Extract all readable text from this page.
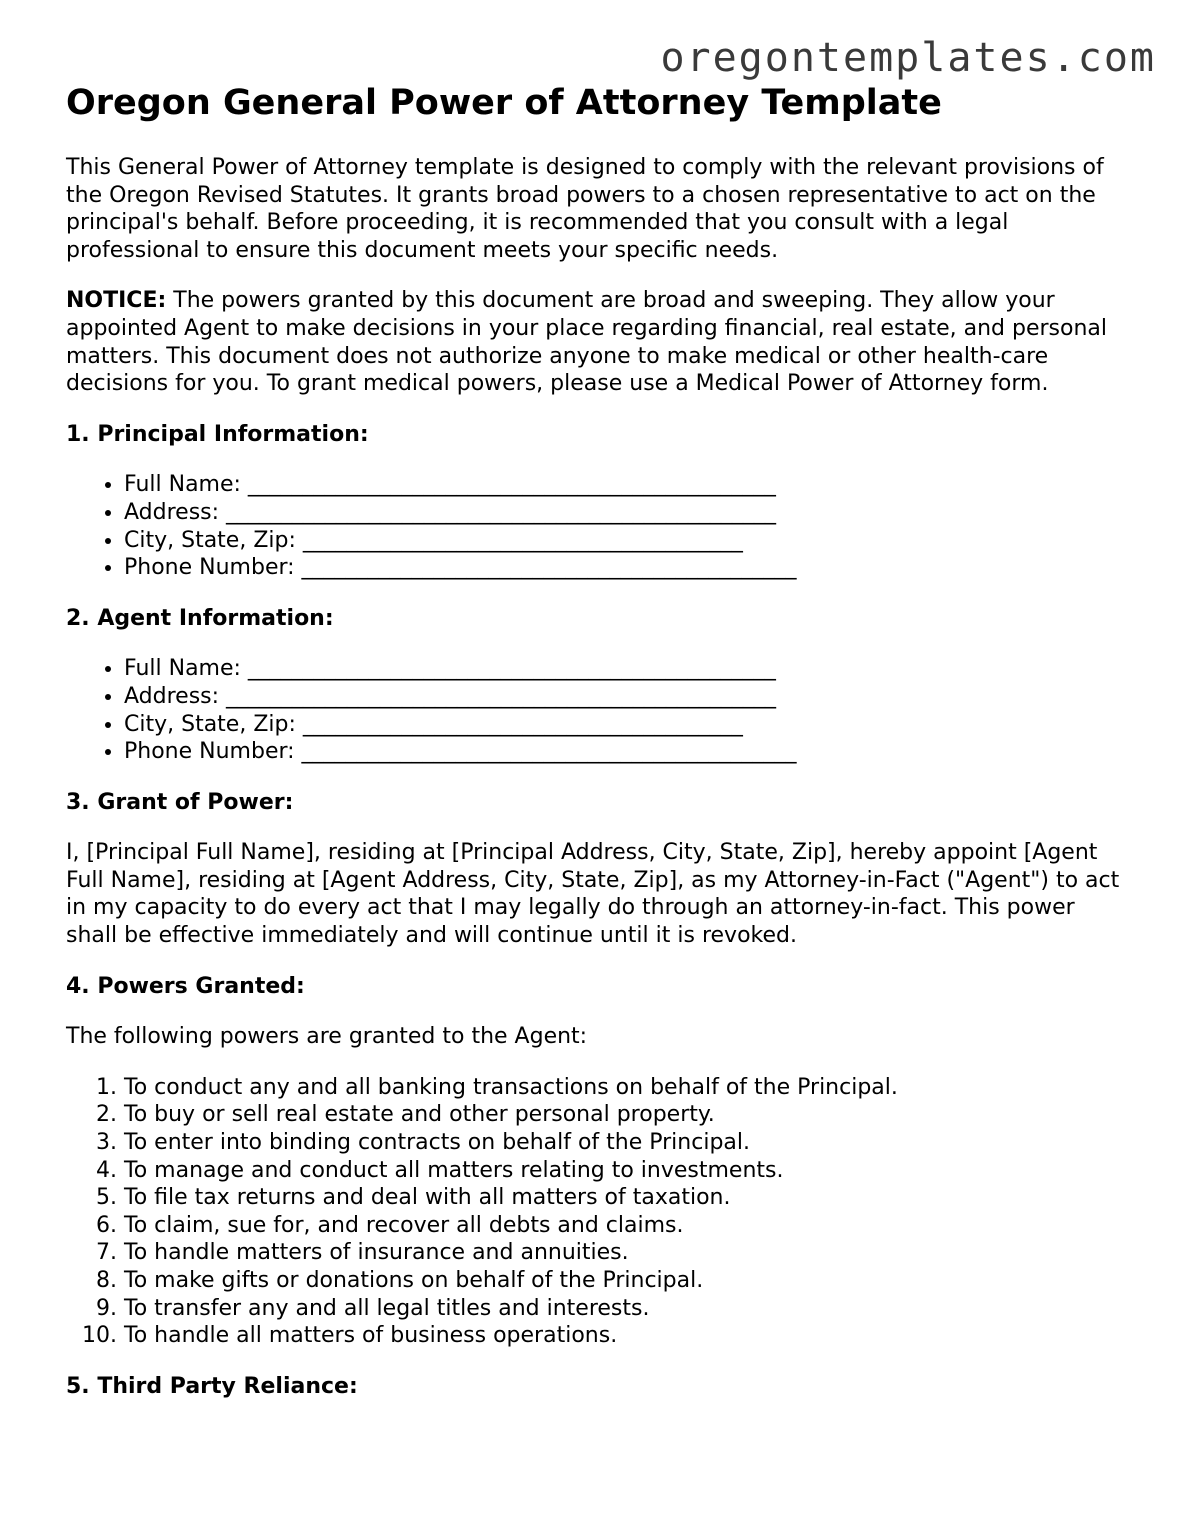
oregontemplates.com
Oregon General Power of Attorney Template

This General Power of Attorney template is designed to comply with the relevant provisions of the Oregon Revised Statutes. It grants broad powers to a chosen representative to act on the principal's behalf. Before proceeding, it is recommended that you consult with a legal professional to ensure this document meets your specific needs.

NOTICE: The powers granted by this document are broad and sweeping. They allow your appointed Agent to make decisions in your place regarding financial, real estate, and personal matters. This document does not authorize anyone to make medical or other health-care decisions for you. To grant medical powers, please use a Medical Power of Attorney form.

1. Principal Information:
• Full Name: ________________________________________________
• Address: __________________________________________________
• City, State, Zip: ________________________________________
• Phone Number: _____________________________________________
2. Agent Information:
• Full Name: ________________________________________________
• Address: __________________________________________________
• City, State, Zip: ________________________________________
• Phone Number: _____________________________________________
3. Grant of Power:

I, [Principal Full Name], residing at [Principal Address, City, State, Zip], hereby appoint [Agent Full Name], residing at [Agent Address, City, State, Zip], as my Attorney-in-Fact ("Agent") to act in my capacity to do every act that I may legally do through an attorney-in-fact. This power shall be effective immediately and will continue until it is revoked.

4. Powers Granted:

The following powers are granted to the Agent:

1. To conduct any and all banking transactions on behalf of the Principal.
2. To buy or sell real estate and other personal property.
3. To enter into binding contracts on behalf of the Principal.
4. To manage and conduct all matters relating to investments.
5. To file tax returns and deal with all matters of taxation.
6. To claim, sue for, and recover all debts and claims.
7. To handle matters of insurance and annuities.
8. To make gifts or donations on behalf of the Principal.
9. To transfer any and all legal titles and interests.
10. To handle all matters of business operations.
5. Third Party Reliance:
